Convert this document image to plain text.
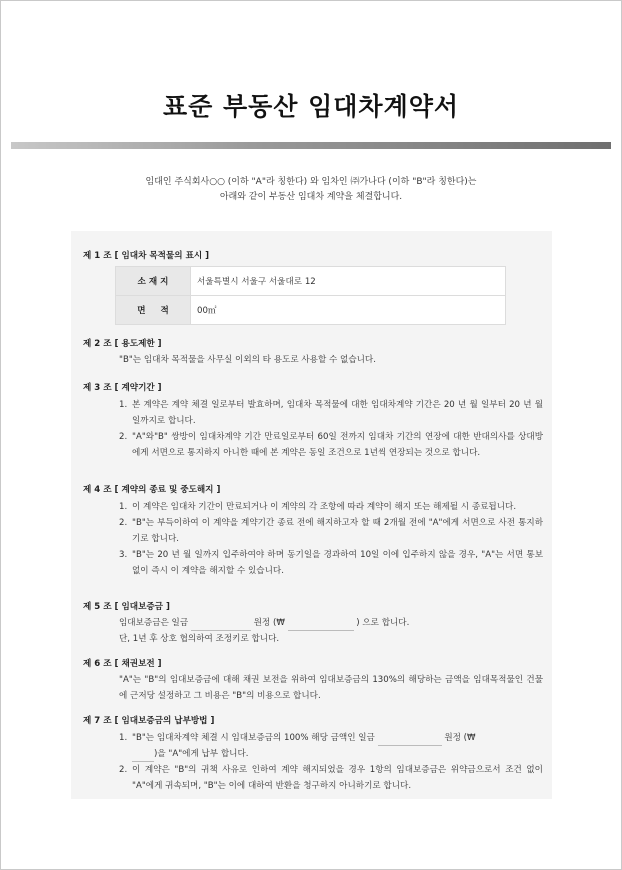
표준 부동산 임대차계약서
임대인 주식회사○○ (이하 "A"라 칭한다) 와 임차인 ㈜가나다 (이하 "B"라 칭한다)는
아래와 같이 부동산 임대차 계약을 체결합니다.
제 1 조 [ 임대차 목적물의 표시 ]
소 재 지	서울특별시 서울구 서울대로 12
면     적	00㎡
제 2 조 [ 용도제한 ]
"B"는 임대차 목적물을 사무실 이외의 타 용도로 사용할 수 없습니다.
제 3 조 [ 계약기간 ]
1. 본 계약은 계약 체결 일로부터 발효하며, 임대차 목적물에 대한 임대차계약 기간은 20 년 월 일부터 20 년 월 일까지로 합니다.
2. "A"와"B" 쌍방이 임대차계약 기간 만료일로부터 60일 전까지 임대차 기간의 연장에 대한 반대의사를 상대방에게 서면으로 통지하지 아니한 때에 본 계약은 동일 조건으로 1년씩 연장되는 것으로 합니다.
제 4 조 [ 계약의 종료 및 중도해지 ]
1. 이 계약은 임대차 기간이 만료되거나 이 계약의 각 조항에 따라 계약이 해지 또는 해제될 시 종료됩니다.
2. "B"는 부득이하여 이 계약을 계약기간 종료 전에 해지하고자 할 때 2개월 전에 "A"에게 서면으로 사전 통지하기로 합니다.
3. "B"는 20 년 월 일까지 입주하여야 하며 동기일을 경과하여 10일 이에 입주하지 않을 경우, "A"는 서면 통보 없이 즉시 이 계약을 해지할 수 있습니다.
제 5 조 [ 임대보증금 ]
임대보증금은 일금	원정 (₩	) 으로 합니다.
단, 1년 후 상호 협의하여 조정키로 합니다.
제 6 조 [ 채권보전 ]
"A"는 "B"의 임대보증금에 대해 채권 보전을 위하여 임대보증금의 130%의 해당하는 금액을 임대목적물인 건물에 근저당 설정하고 그 비용은 "B"의 비용으로 합니다.
제 7 조 [ 임대보증금의 납부방법 ]
1. "B"는 임대차계약 체결 시 임대보증금의 100% 해당 금액인 일금	원정 (₩
)을 "A"에게 납부 합니다.
2. 이 계약은 "B"의 귀책 사유로 인하여 계약 해지되었을 경우 1항의 임대보증금은 위약금으로서 조건 없이 "A"에게 귀속되며, "B"는 이에 대하여 반환을 청구하지 아니하기로 합니다.
